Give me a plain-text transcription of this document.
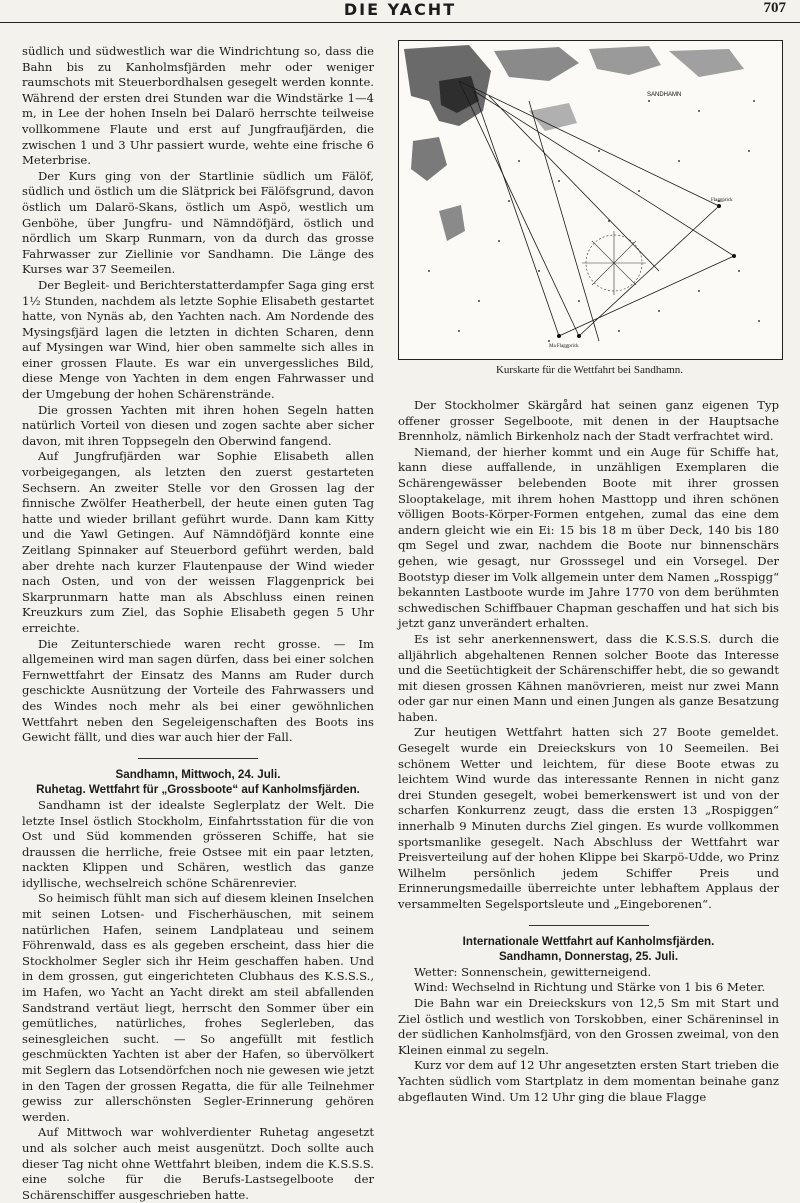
DIE YACHT	707

südlich und südwestlich war die Windrichtung so, dass die Bahn bis zu Kanholmsfjärden mehr oder weniger raumschots mit Steuerbordhalsen gesegelt werden konnte. Während der ersten drei Stunden war die Windstärke 1—4 m, in Lee der hohen Inseln bei Dalarö herrschte teilweise vollkommene Flaute und erst auf Jungfraufjärden, die zwischen 1 und 3 Uhr passiert wurde, wehte eine frische 6 Meterbrise.

Der Kurs ging von der Startlinie südlich um Fälöf, südlich und östlich um die Slätprick bei Fälöfsgrund, davon östlich um Dalarö-Skans, östlich um Aspö, westlich um Genböhe, über Jungfru- und Nämndöfjärd, östlich und nördlich um Skarp Runmarn, von da durch das grosse Fahrwasser zur Ziellinie vor Sandhamn. Die Länge des Kurses war 37 Seemeilen.

Der Begleit- und Berichterstatterdampfer Saga ging erst 1½ Stunden, nachdem als letzte Sophie Elisabeth gestartet hatte, von Nynäs ab, den Yachten nach. Am Nordende des Mysingsfjärd lagen die letzten in dichten Scharen, denn auf Mysingen war Wind, hier oben sammelte sich alles in einer grossen Flaute. Es war ein unvergessliches Bild, diese Menge von Yachten in dem engen Fahrwasser und der Umgebung der hohen Schärenstrände.

Die grossen Yachten mit ihren hohen Segeln hatten natürlich Vorteil von diesen und zogen sachte aber sicher davon, mit ihren Toppsegeln den Oberwind fangend.

Auf Jungfrufjärden war Sophie Elisabeth allen vorbeigegangen, als letzten den zuerst gestarteten Sechsern. An zweiter Stelle vor den Grossen lag der finnische Zwölfer Heatherbell, der heute einen guten Tag hatte und wieder brillant geführt wurde. Dann kam Kitty und die Yawl Getingen. Auf Nämndöfjärd konnte eine Zeitlang Spinnaker auf Steuerbord geführt werden, bald aber drehte nach kurzer Flautenpause der Wind wieder nach Osten, und von der weissen Flaggenprick bei Skarprunmarn hatte man als Abschluss einen reinen Kreuzkurs zum Ziel, das Sophie Elisabeth gegen 5 Uhr erreichte.

Die Zeitunterschiede waren recht grosse. — Im allgemeinen wird man sagen dürfen, dass bei einer solchen Fernwettfahrt der Einsatz des Manns am Ruder durch geschickte Ausnützung der Vorteile des Fahrwassers und des Windes noch mehr als bei einer gewöhnlichen Wettfahrt neben den Segeleigenschaften des Boots ins Gewicht fällt, und dies war auch hier der Fall.

Sandhamn, Mittwoch, 24. Juli.

Ruhetag. Wettfahrt für „Grossboote“ auf Kanholmsfjärden.

Sandhamn ist der idealste Seglerplatz der Welt. Die letzte Insel östlich Stockholm, Einfahrtsstation für die von Ost und Süd kommenden grösseren Schiffe, hat sie draussen die herrliche, freie Ostsee mit ein paar letzten, nackten Klippen und Schären, westlich das ganze idyllische, wechselreich schöne Schärenrevier.

So heimisch fühlt man sich auf diesem kleinen Inselchen mit seinen Lotsen- und Fischerhäuschen, mit seinem natürlichen Hafen, seinem Landplateau und seinem Föhrenwald, dass es als gegeben erscheint, dass hier die Stockholmer Segler sich ihr Heim geschaffen haben. Und in dem grossen, gut eingerichteten Clubhaus des K.S.S.S., im Hafen, wo Yacht an Yacht direkt am steil abfallenden Sandstrand vertäut liegt, herrscht den Sommer über ein gemütliches, natürliches, frohes Seglerleben, das seinesgleichen sucht. — So angefüllt mit festlich geschmückten Yachten ist aber der Hafen, so übervölkert mit Seglern das Lotsendörfchen noch nie gewesen wie jetzt in den Tagen der grossen Regatta, die für alle Teilnehmer gewiss zur allerschönsten Segler-Erinnerung gehören werden.

Auf Mittwoch war wohlverdienter Ruhetag angesetzt und als solcher auch meist ausgenützt. Doch sollte auch dieser Tag nicht ohne Wettfahrt bleiben, indem die K.S.S.S. eine solche für die Berufs-Lastsegelboote der Schärenschiffer ausgeschrieben hatte.

SANDHAMN
Flaggprick
Ma Flaggprick
Kurskarte für die Wettfahrt bei Sandhamn.

Der Stockholmer Skärgård hat seinen ganz eigenen Typ offener grosser Segelboote, mit denen in der Hauptsache Brennholz, nämlich Birkenholz nach der Stadt verfrachtet wird.

Niemand, der hierher kommt und ein Auge für Schiffe hat, kann diese auffallende, in unzähligen Exemplaren die Schärengewässer belebenden Boote mit ihrer grossen Slooptakelage, mit ihrem hohen Masttopp und ihren schönen völligen Boots-Körper-Formen entgehen, zumal das eine dem andern gleicht wie ein Ei: 15 bis 18 m über Deck, 140 bis 180 qm Segel und zwar, nachdem die Boote nur binnenschärs gehen, wie gesagt, nur Grosssegel und ein Vorsegel. Der Bootstyp dieser im Volk allgemein unter dem Namen „Rosspigg“ bekannten Lastboote wurde im Jahre 1770 von dem berühmten schwedischen Schiffbauer Chapman geschaffen und hat sich bis jetzt ganz unverändert erhalten.

Es ist sehr anerkennenswert, dass die K.S.S.S. durch die alljährlich abgehaltenen Rennen solcher Boote das Interesse und die Seetüchtigkeit der Schärenschiffer hebt, die so gewandt mit diesen grossen Kähnen manövrieren, meist nur zwei Mann oder gar nur einen Mann und einen Jungen als ganze Besatzung haben.

Zur heutigen Wettfahrt hatten sich 27 Boote gemeldet. Gesegelt wurde ein Dreieckskurs von 10 Seemeilen. Bei schönem Wetter und leichtem, für diese Boote etwas zu leichtem Wind wurde das interessante Rennen in nicht ganz drei Stunden gesegelt, wobei bemerkenswert ist und von der scharfen Konkurrenz zeugt, dass die ersten 13 „Rospiggen“ innerhalb 9 Minuten durchs Ziel gingen. Es wurde vollkommen sportsmanlike gesegelt. Nach Abschluss der Wettfahrt war Preisverteilung auf der hohen Klippe bei Skarpö-Udde, wo Prinz Wilhelm persönlich jedem Schiffer Preis und Erinnerungsmedaille überreichte unter lebhaftem Applaus der versammelten Segelsportsleute und „Eingeborenen“.

Internationale Wettfahrt auf Kanholmsfjärden.

Sandhamn, Donnerstag, 25. Juli.

Wetter: Sonnenschein, gewitterneigend.

Wind: Wechselnd in Richtung und Stärke von 1 bis 6 Meter.

Die Bahn war ein Dreieckskurs von 12,5 Sm mit Start und Ziel östlich und westlich von Torskobben, einer Schäreninsel in der südlichen Kanholmsfjärd, von den Grossen zweimal, von den Kleinen einmal zu segeln.

Kurz vor dem auf 12 Uhr angesetzten ersten Start trieben die Yachten südlich vom Startplatz in dem momentan beinahe ganz abgeflauten Wind. Um 12 Uhr ging die blaue Flagge
